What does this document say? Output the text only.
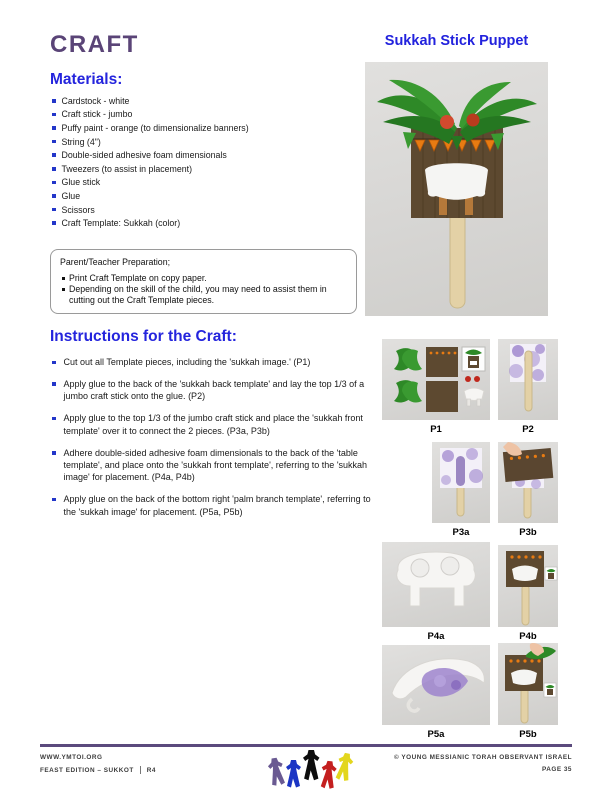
CRAFT	Sukkah Stick Puppet
Materials:
Cardstock - white
Craft stick - jumbo
Puffy paint - orange (to dimensionalize banners)
String (4")
Double-sided adhesive foam dimensionals
Tweezers (to assist in placement)
Glue stick
Glue
Scissors
Craft Template: Sukkah (color)
Parent/Teacher Preparation;
Print Craft Template on copy paper.
Depending on the skill of the child, you may need to assist them in cutting out the Craft Template pieces.
Instructions for the Craft:
Cut out all Template pieces, including the 'sukkah image.' (P1)
Apply glue to the back of the 'sukkah back template' and lay the top 1/3 of a jumbo craft stick onto the glue. (P2)
Apply glue to the top 1/3 of the jumbo craft stick and place the 'sukkah front template' over it to connect the 2 pieces. (P3a, P3b)
Adhere double-sided adhesive foam dimensionals to the back of the 'table template', and place onto the 'sukkah front template', referring to the 'sukkah image' for placement. (P4a, P4b)
Apply glue on the back of the bottom right 'palm branch template', referring to the 'sukkah image' for placement. (P5a, P5b)
P1	P2
P3a	P3b
P4a	P4b
P5a	P5b
WWW.YMTOI.ORG
FEAST EDITION – SUKKOT R4
© YOUNG MESSIANIC TORAH OBSERVANT ISRAEL
PAGE 35
